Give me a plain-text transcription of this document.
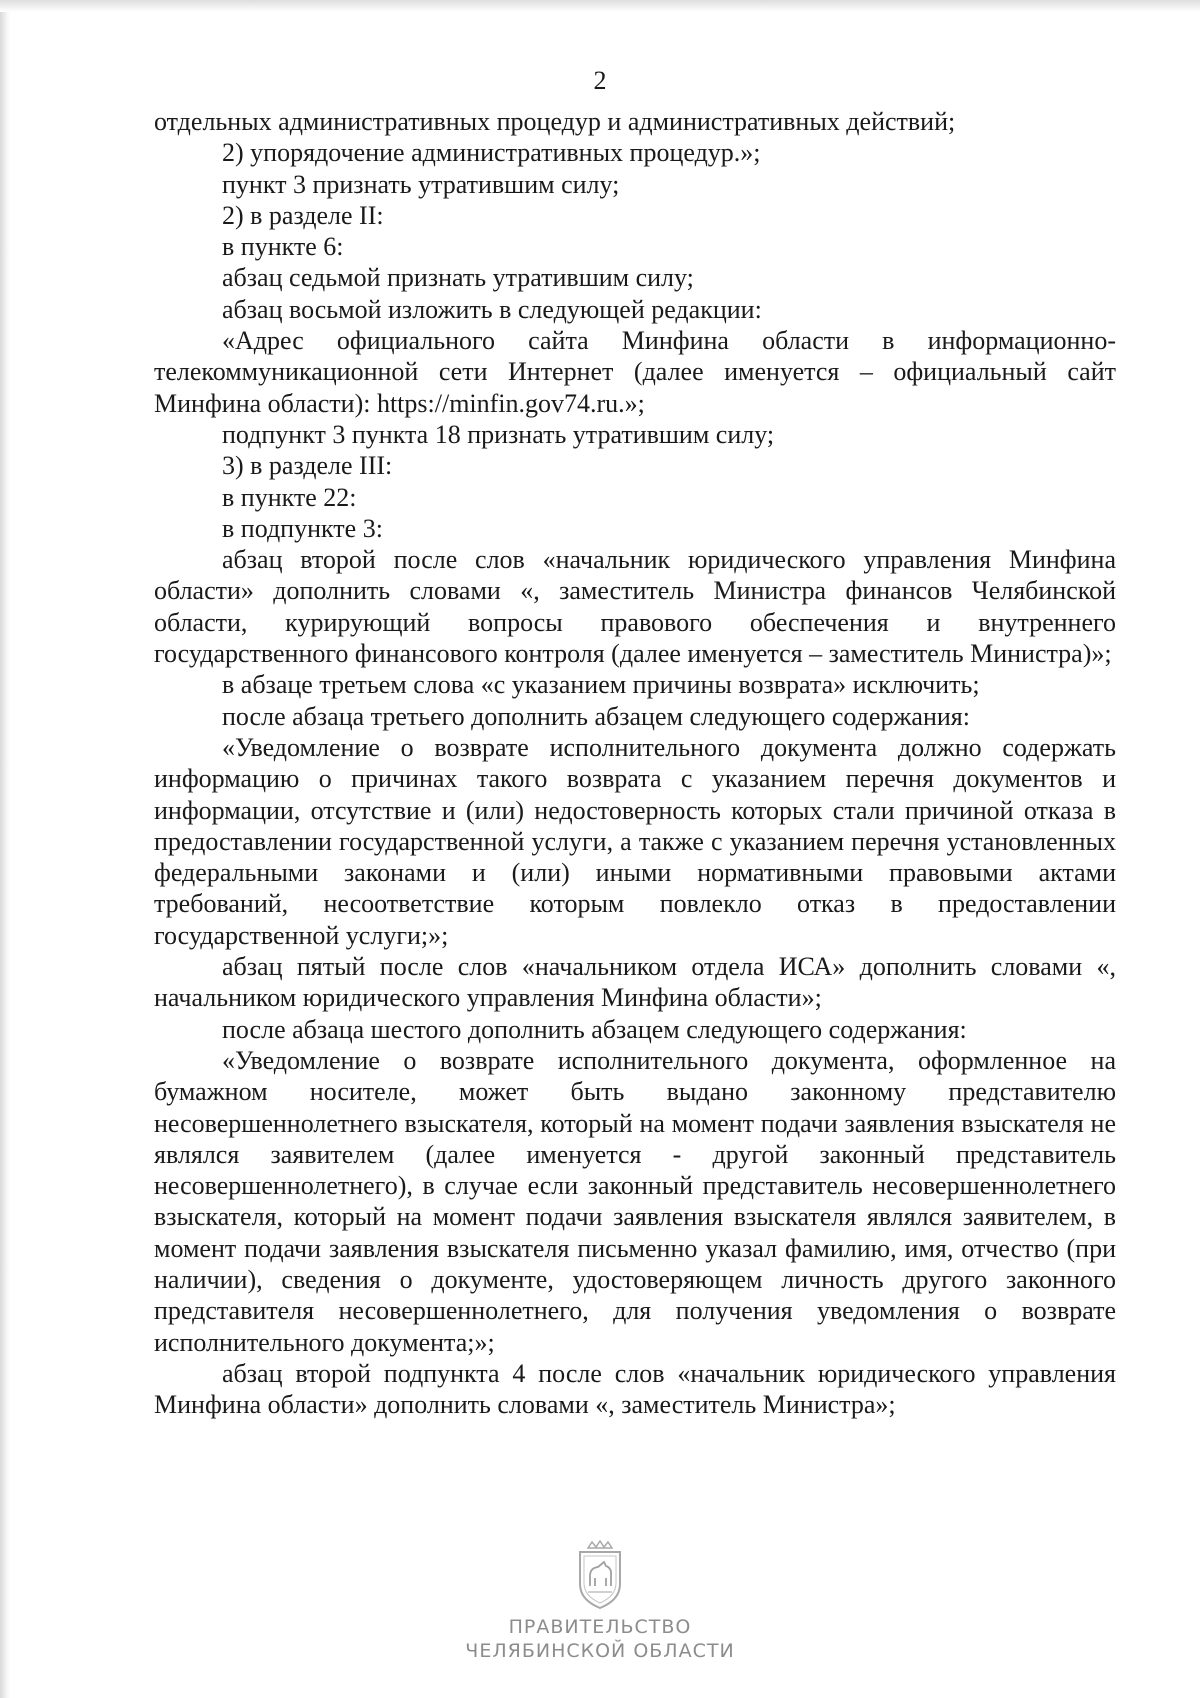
2

отдельных административных процедур и административных действий;

2) упорядочение административных процедур.»;

пункт 3 признать утратившим силу;

2) в разделе II:

в пункте 6:

абзац седьмой признать утратившим силу;

абзац восьмой изложить в следующей редакции:

«Адрес официального сайта Минфина области в информационно-телекоммуникационной сети Интернет (далее именуется – официальный сайт Минфина области): https://minfin.gov74.ru.»;

подпункт 3 пункта 18 признать утратившим силу;

3) в разделе III:

в пункте 22:

в подпункте 3:

абзац второй после слов «начальник юридического управления Минфина области» дополнить словами «, заместитель Министра финансов Челябинской области, курирующий вопросы правового обеспечения и внутреннего государственного финансового контроля (далее именуется – заместитель Министра)»;

в абзаце третьем слова «с указанием причины возврата» исключить;

после абзаца третьего дополнить абзацем следующего содержания:

«Уведомление о возврате исполнительного документа должно содержать информацию о причинах такого возврата с указанием перечня документов и информации, отсутствие и (или) недостоверность которых стали причиной отказа в предоставлении государственной услуги, а также с указанием перечня установленных федеральными законами и (или) иными нормативными правовыми актами требований, несоответствие которым повлекло отказ в предоставлении государственной услуги;»;

абзац пятый после слов «начальником отдела ИСА» дополнить словами «, начальником юридического управления Минфина области»;

после абзаца шестого дополнить абзацем следующего содержания:

«Уведомление о возврате исполнительного документа, оформленное на бумажном носителе, может быть выдано законному представителю несовершеннолетнего взыскателя, который на момент подачи заявления взыскателя не являлся заявителем (далее именуется - другой законный представитель несовершеннолетнего), в случае если законный представитель несовершеннолетнего взыскателя, который на момент подачи заявления взыскателя являлся заявителем, в момент подачи заявления взыскателя письменно указал фамилию, имя, отчество (при наличии), сведения о документе, удостоверяющем личность другого законного представителя несовершеннолетнего, для получения уведомления о возврате исполнительного документа;»;

абзац второй подпункта 4 после слов «начальник юридического управления Минфина области» дополнить словами «, заместитель Министра»;

ПРАВИТЕЛЬСТВО
ЧЕЛЯБИНСКОЙ ОБЛАСТИ
